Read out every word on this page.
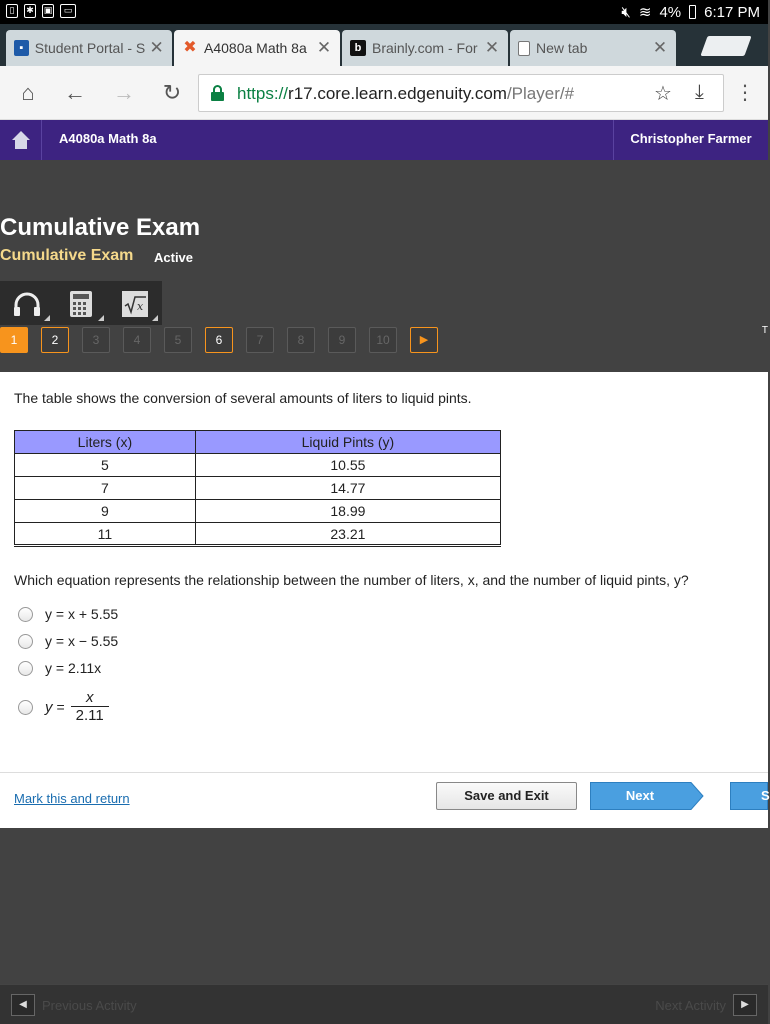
▯	✱ ▣	▭	🔇︎ ≋ 4% 6:17 PM
▪ Student Portal - S ✕ ✖ A4080a Math 8a ✕	b Brainly.com - For ✕	New tab	✕
⌂ ← → ↻	https://r17.core.learn.edgenuity.com/Player/#	☆ ⤓ ⋮
A4080a Math 8a	Christopher Farmer
Cumulative Exam
Cumulative Exam Active
x
1	2	3	4	5	6	7	8	9	10	▶
T
The table shows the conversion of several amounts of liters to liquid pints.
Liters (x)	Liquid Pints (y)
5	10.55
7	14.77
9	18.99
11	23.21
Which equation represents the relationship between the number of liters, x, and the number of liquid pints, y?
y = x + 5.55
y = x − 5.55
y = 2.11x
$y = \frac{x}{2.11}$
Mark this and return	Save and Exit	Next	S
◀	Previous Activity	Next Activity	▶
